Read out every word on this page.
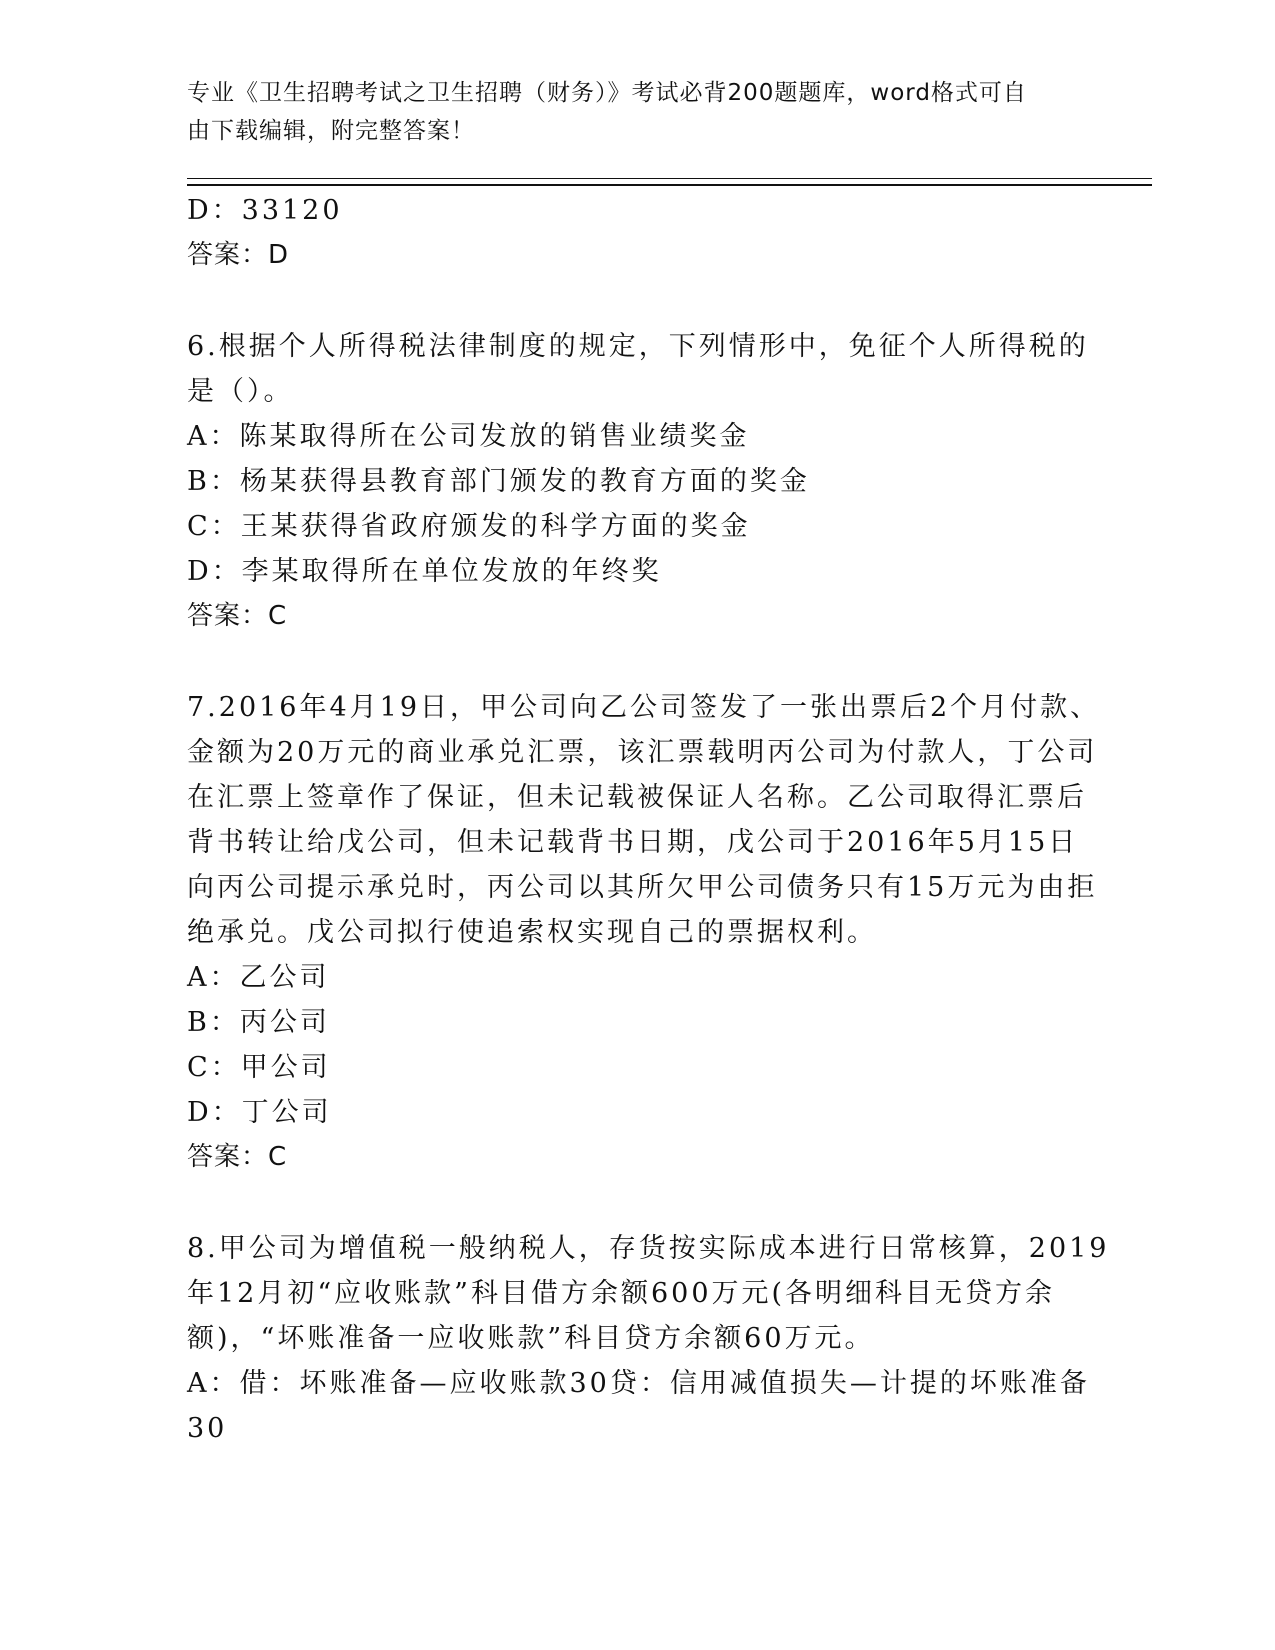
专业《卫生招聘考试之卫生招聘（财务）》考试必背200题题库，word格式可自
由下载编辑，附完整答案！
D：33120
答案：D
6.根据个人所得税法律制度的规定，下列情形中，免征个人所得税的
是（）。
A：陈某取得所在公司发放的销售业绩奖金
B：杨某获得县教育部门颁发的教育方面的奖金
C：王某获得省政府颁发的科学方面的奖金
D：李某取得所在单位发放的年终奖
答案：C
7.2016年4月19日，甲公司向乙公司签发了一张出票后2个月付款、
金额为20万元的商业承兑汇票，该汇票载明丙公司为付款人，丁公司
在汇票上签章作了保证，但未记载被保证人名称。乙公司取得汇票后
背书转让给戊公司，但未记载背书日期，戊公司于2016年5月15日
向丙公司提示承兑时，丙公司以其所欠甲公司债务只有15万元为由拒
绝承兑。戊公司拟行使追索权实现自己的票据权利。
A：乙公司
B：丙公司
C：甲公司
D：丁公司
答案：C
8.甲公司为增值税一般纳税人，存货按实际成本进行日常核算，2019
年12月初“应收账款”科目借方余额600万元(各明细科目无贷方余
额)，“坏账准备一应收账款”科目贷方余额60万元。
A：借：坏账准备—应收账款30贷：信用减值损失—计提的坏账准备
30
